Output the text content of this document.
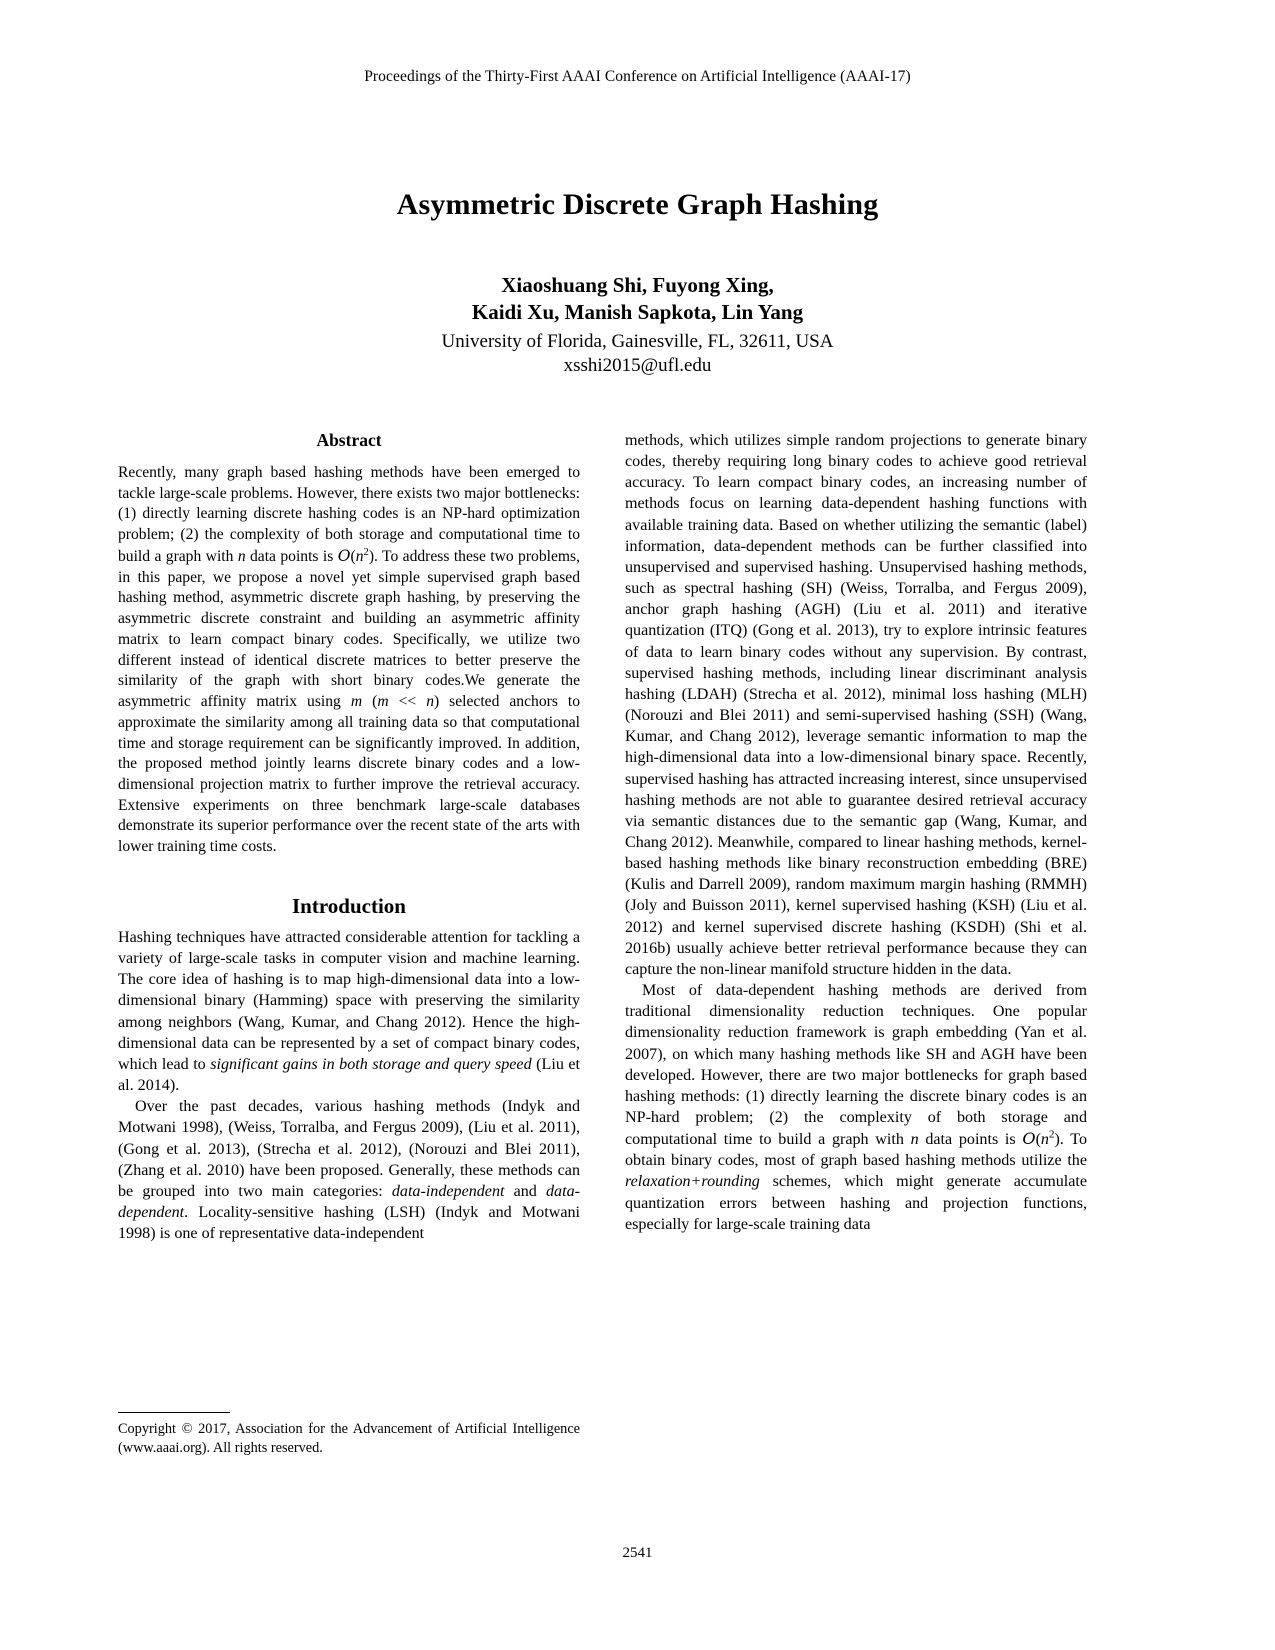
Proceedings of the Thirty-First AAAI Conference on Artificial Intelligence (AAAI-17)
Asymmetric Discrete Graph Hashing
Xiaoshuang Shi, Fuyong Xing,
Kaidi Xu, Manish Sapkota, Lin Yang
University of Florida, Gainesville, FL, 32611, USA
xsshi2015@ufl.edu
Abstract

Recently, many graph based hashing methods have been emerged to tackle large-scale problems. However, there exists two major bottlenecks: (1) directly learning discrete hashing codes is an NP-hard optimization problem; (2) the complexity of both storage and computational time to build a graph with n data points is $O(n^2)$. To address these two problems, in this paper, we propose a novel yet simple supervised graph based hashing method, asymmetric discrete graph hashing, by preserving the asymmetric discrete constraint and building an asymmetric affinity matrix to learn compact binary codes. Specifically, we utilize two different instead of identical discrete matrices to better preserve the similarity of the graph with short binary codes.We generate the asymmetric affinity matrix using m (m << n) selected anchors to approximate the similarity among all training data so that computational time and storage requirement can be significantly improved. In addition, the proposed method jointly learns discrete binary codes and a low-dimensional projection matrix to further improve the retrieval accuracy. Extensive experiments on three benchmark large-scale databases demonstrate its superior performance over the recent state of the arts with lower training time costs.

Introduction

Hashing techniques have attracted considerable attention for tackling a variety of large-scale tasks in computer vision and machine learning. The core idea of hashing is to map high-dimensional data into a low-dimensional binary (Hamming) space with preserving the similarity among neighbors (Wang, Kumar, and Chang 2012). Hence the high-dimensional data can be represented by a set of compact binary codes, which lead to significant gains in both storage and query speed (Liu et al. 2014).

Over the past decades, various hashing methods (Indyk and Motwani 1998), (Weiss, Torralba, and Fergus 2009), (Liu et al. 2011), (Gong et al. 2013), (Strecha et al. 2012), (Norouzi and Blei 2011), (Zhang et al. 2010) have been proposed. Generally, these methods can be grouped into two main categories: data-independent and data-dependent. Locality-sensitive hashing (LSH) (Indyk and Motwani 1998) is one of representative data-independent

methods, which utilizes simple random projections to generate binary codes, thereby requiring long binary codes to achieve good retrieval accuracy. To learn compact binary codes, an increasing number of methods focus on learning data-dependent hashing functions with available training data. Based on whether utilizing the semantic (label) information, data-dependent methods can be further classified into unsupervised and supervised hashing. Unsupervised hashing methods, such as spectral hashing (SH) (Weiss, Torralba, and Fergus 2009), anchor graph hashing (AGH) (Liu et al. 2011) and iterative quantization (ITQ) (Gong et al. 2013), try to explore intrinsic features of data to learn binary codes without any supervision. By contrast, supervised hashing methods, including linear discriminant analysis hashing (LDAH) (Strecha et al. 2012), minimal loss hashing (MLH) (Norouzi and Blei 2011) and semi-supervised hashing (SSH) (Wang, Kumar, and Chang 2012), leverage semantic information to map the high-dimensional data into a low-dimensional binary space. Recently, supervised hashing has attracted increasing interest, since unsupervised hashing methods are not able to guarantee desired retrieval accuracy via semantic distances due to the semantic gap (Wang, Kumar, and Chang 2012). Meanwhile, compared to linear hashing methods, kernel-based hashing methods like binary reconstruction embedding (BRE) (Kulis and Darrell 2009), random maximum margin hashing (RMMH) (Joly and Buisson 2011), kernel supervised hashing (KSH) (Liu et al. 2012) and kernel supervised discrete hashing (KSDH) (Shi et al. 2016b) usually achieve better retrieval performance because they can capture the non-linear manifold structure hidden in the data.

Most of data-dependent hashing methods are derived from traditional dimensionality reduction techniques. One popular dimensionality reduction framework is graph embedding (Yan et al. 2007), on which many hashing methods like SH and AGH have been developed. However, there are two major bottlenecks for graph based hashing methods: (1) directly learning the discrete binary codes is an NP-hard problem; (2) the complexity of both storage and computational time to build a graph with n data points is $O(n^2)$. To obtain binary codes, most of graph based hashing methods utilize the relaxation+rounding schemes, which might generate accumulate quantization errors between hashing and projection functions, especially for large-scale training data

Copyright © 2017, Association for the Advancement of Artificial Intelligence (www.aaai.org). All rights reserved.

2541
